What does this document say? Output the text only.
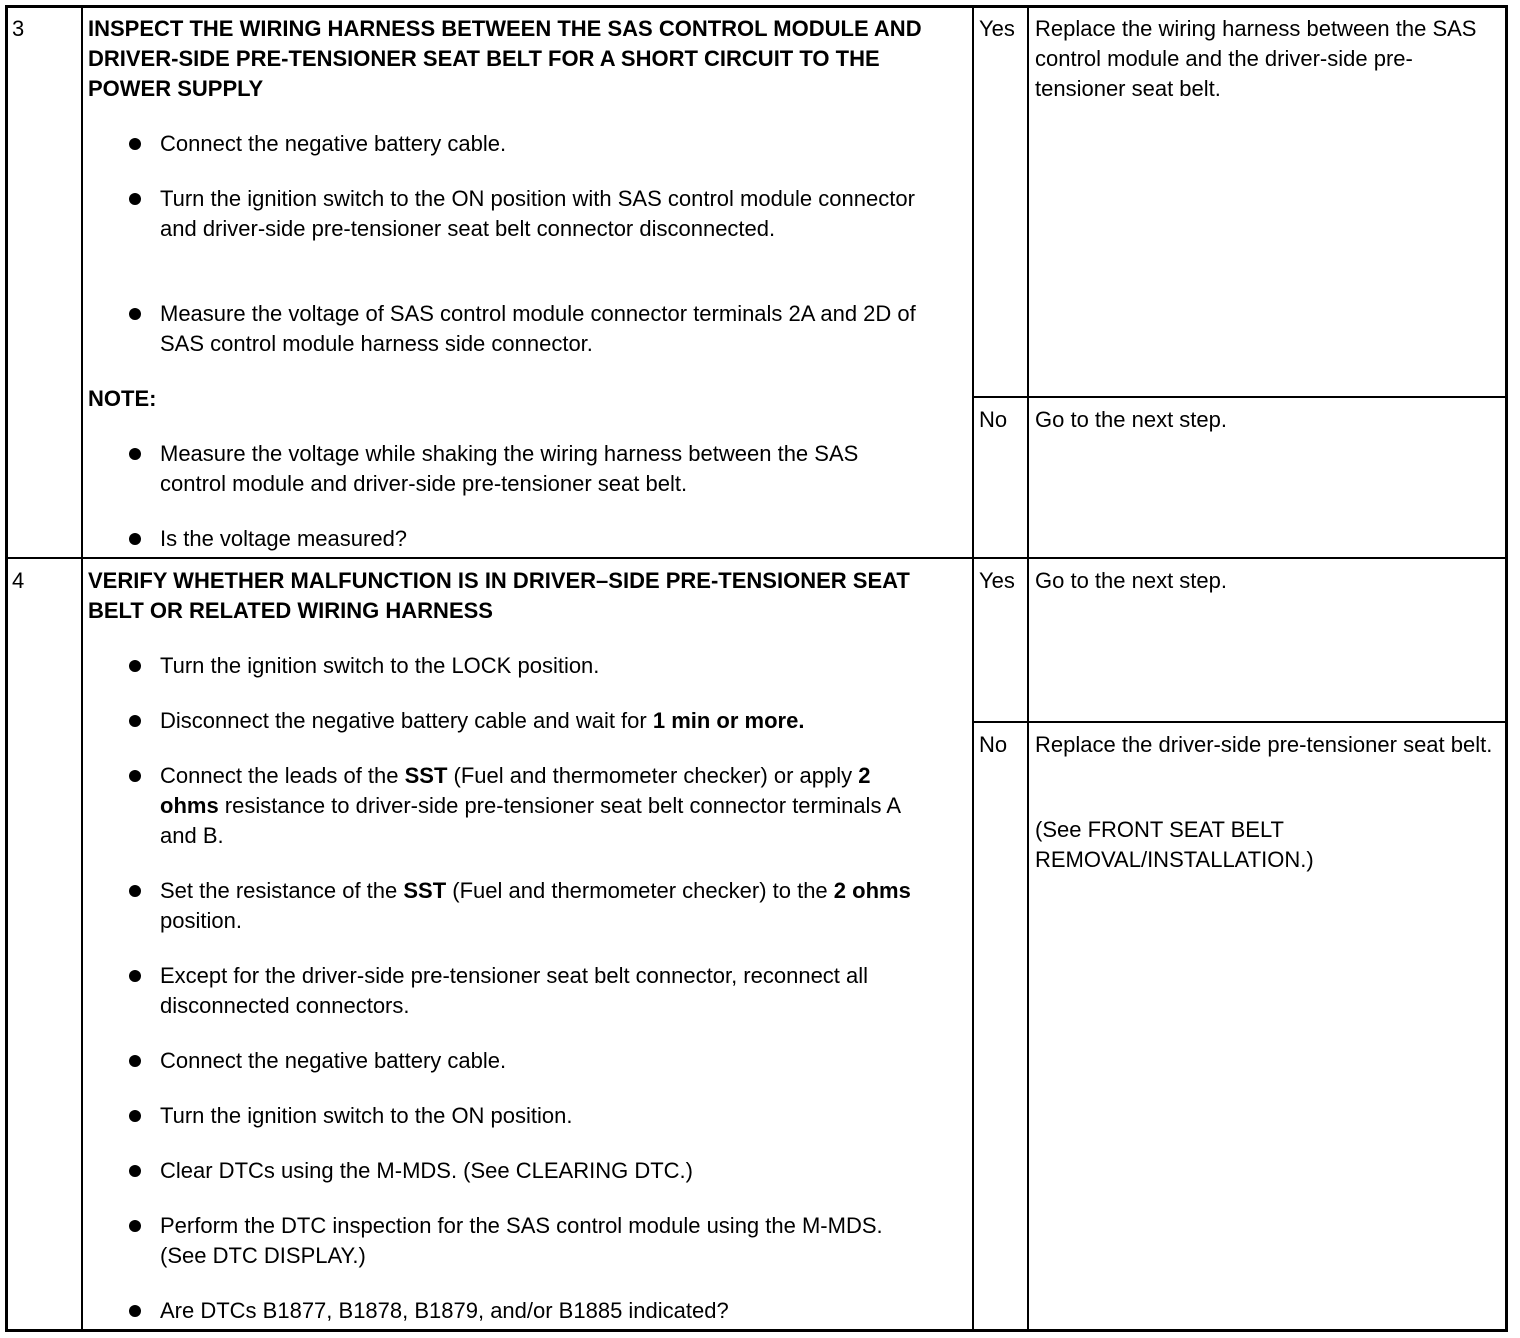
3	INSPECT THE WIRING HARNESS BETWEEN THE SAS CONTROL MODULE AND DRIVER-SIDE PRE-TENSIONER SEAT BELT FOR A SHORT CIRCUIT TO THE POWER SUPPLY
Connect the negative battery cable.
Turn the ignition switch to the ON position with SAS control module connector and driver-side pre-tensioner seat belt connector disconnected.
Measure the voltage of SAS control module connector terminals 2A and 2D of SAS control module harness side connector.
NOTE:
Measure the voltage while shaking the wiring harness between the SAS control module and driver-side pre-tensioner seat belt.
Is the voltage measured?
Yes Replace the wiring harness between the SAS control module and the driver-side pre-tensioner seat belt.
No Go to the next step.
4	VERIFY WHETHER MALFUNCTION IS IN DRIVER–SIDE PRE-TENSIONER SEAT BELT OR RELATED WIRING HARNESS
Turn the ignition switch to the LOCK position.
Disconnect the negative battery cable and wait for 1 min or more.
Connect the leads of the SST (Fuel and thermometer checker) or apply 2 ohms resistance to driver-side pre-tensioner seat belt connector terminals A and B.
Set the resistance of the SST (Fuel and thermometer checker) to the 2 ohms position.
Except for the driver-side pre-tensioner seat belt connector, reconnect all disconnected connectors.
Connect the negative battery cable.
Turn the ignition switch to the ON position.
Clear DTCs using the M-MDS. (See CLEARING DTC.)
Perform the DTC inspection for the SAS control module using the M-MDS. (See DTC DISPLAY.)
Are DTCs B1877, B1878, B1879, and/or B1885 indicated?
Yes Go to the next step.
No Replace the driver-side pre-tensioner seat belt.
(See FRONT SEAT BELT REMOVAL/INSTALLATION.)
